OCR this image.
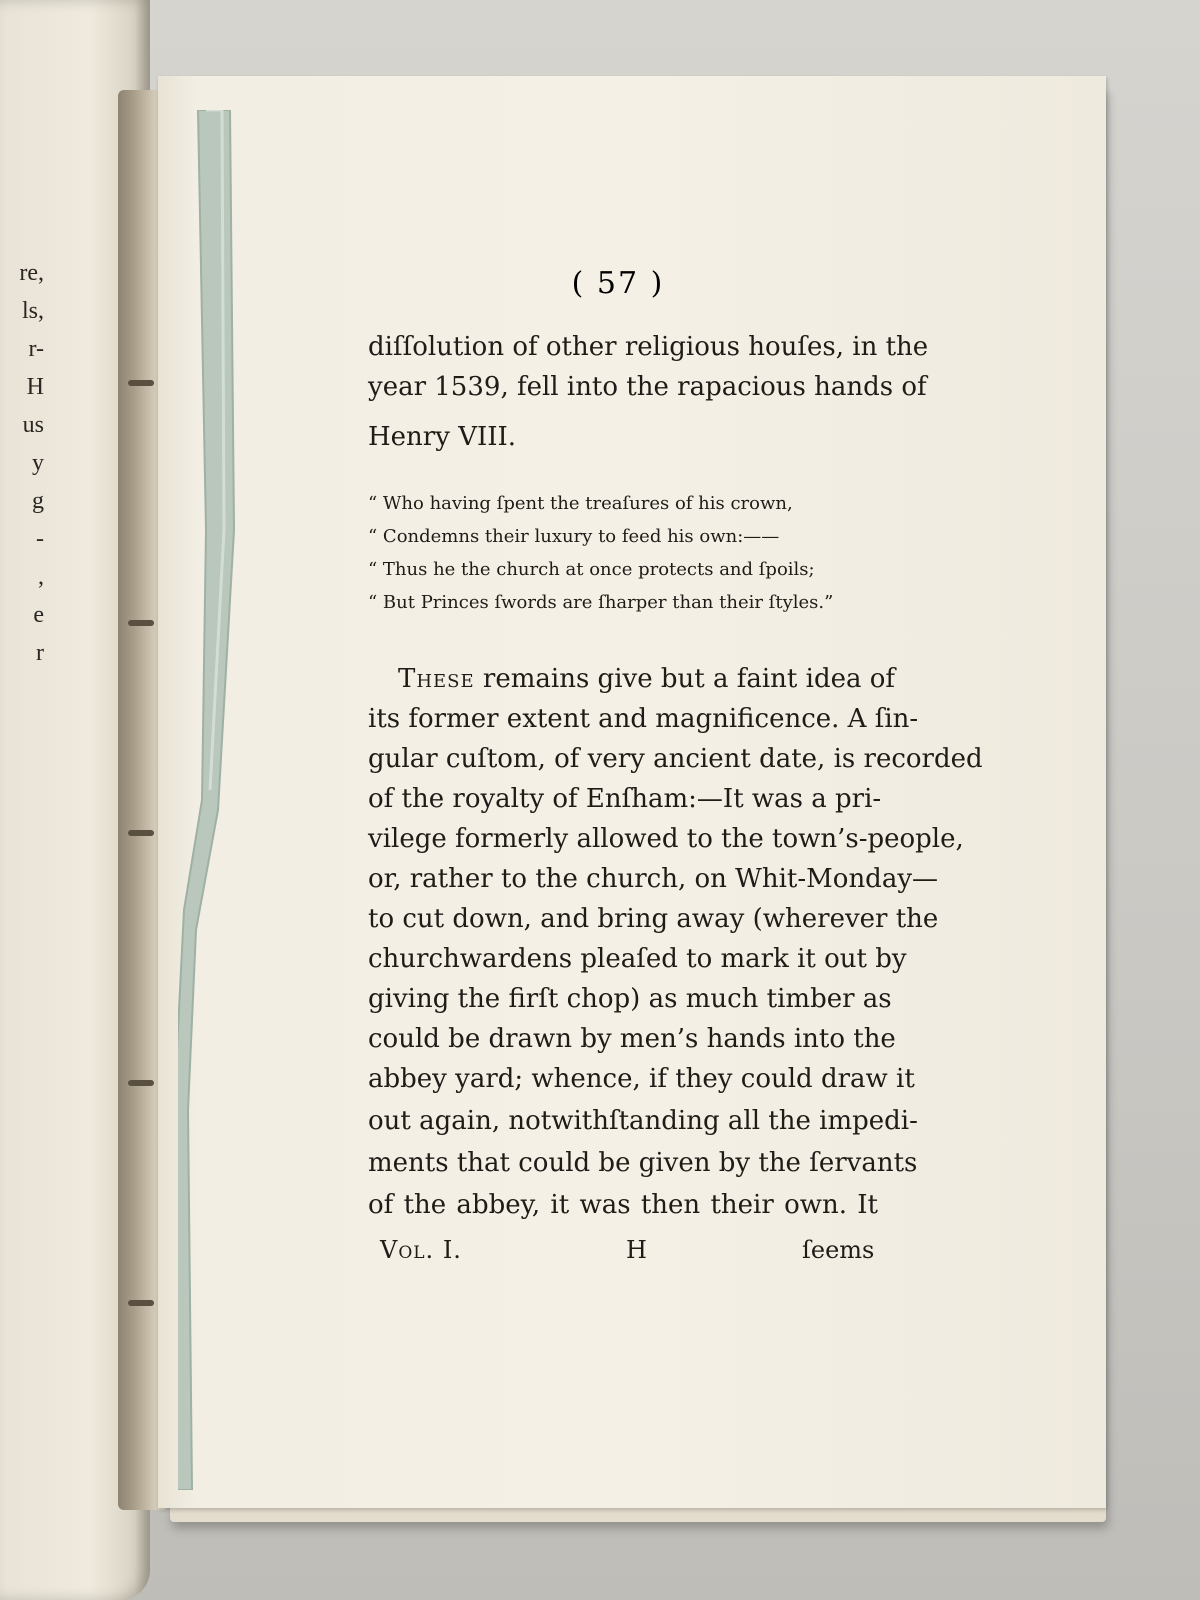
re,
ls,
r-
H
us
y
g
-
,
e
r
( 57 )
diſſolution of other religious houſes, in the
year 1539, fell into the rapacious hands of
Henry VIII.
“ Who having ſpent the treaſures of his crown,
“ Condemns their luxury to feed his own:——
“ Thus he the church at once protects and ſpoils;
“ But Princes ſwords are ſharper than their ſtyles.”
These remains give but a faint idea of
its former extent and magnificence. A ſin-
gular cuſtom, of very ancient date, is recorded
of the royalty of Enſham:—It was a pri-
vilege formerly allowed to the town’s-people,
or, rather to the church, on Whit-Monday—
to cut down, and bring away (wherever the
churchwardens pleaſed to mark it out by
giving the firſt chop) as much timber as
could be drawn by men’s hands into the
abbey yard; whence, if they could draw it
out again, notwithſtanding all the impedi-
ments that could be given by the ſervants
of the abbey, it was then their own. It
Vol. I.	H	ſeems
